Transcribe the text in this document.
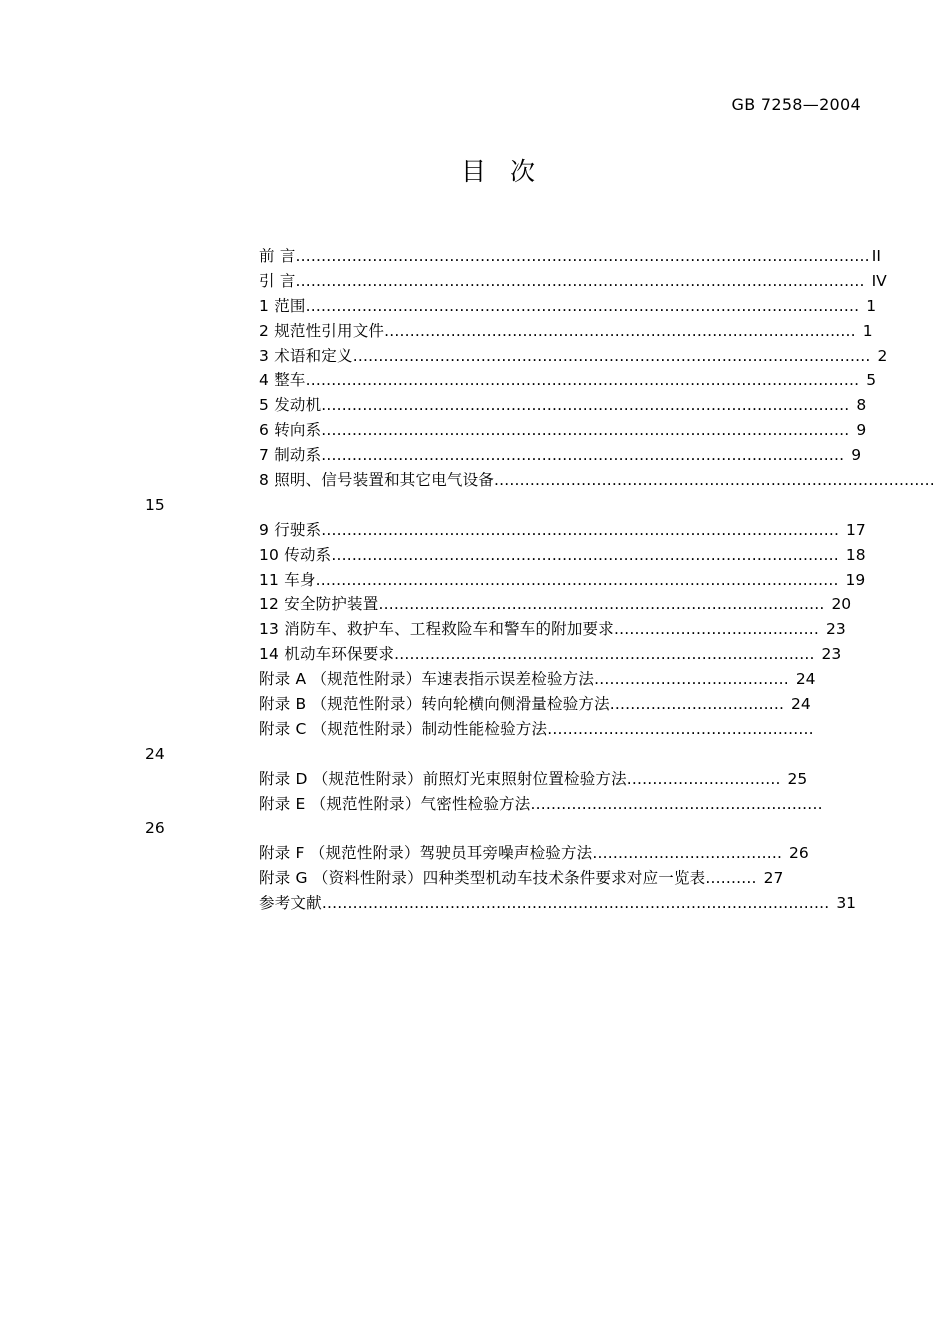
GB 7258—2004
目 次
前 言................................................................................................................ II
引 言............................................................................................................... IV
1 范围............................................................................................................ 1
2 规范性引用文件............................................................................................ 1
3 术语和定义..................................................................................................... 2
4 整车............................................................................................................ 5
5 发动机....................................................................................................... 8
6 转向系....................................................................................................... 9
7 制动系...................................................................................................... 9
8 照明、信号装置和其它电气设备......................................................................................
15
9 行驶系..................................................................................................... 17
10 传动系................................................................................................... 18
11 车身...................................................................................................... 19
12 安全防护装置....................................................................................... 20
13 消防车、救护车、工程救险车和警车的附加要求........................................ 23
14 机动车环保要求.................................................................................. 23
附录 A （规范性附录）车速表指示误差检验方法...................................... 24
附录 B （规范性附录）转向轮横向侧滑量检验方法.................................. 24
附录 C （规范性附录）制动性能检验方法....................................................
24
附录 D （规范性附录）前照灯光束照射位置检验方法.............................. 25
附录 E （规范性附录）气密性检验方法.........................................................
26
附录 F （规范性附录）驾驶员耳旁噪声检验方法..................................... 26
附录 G （资料性附录）四种类型机动车技术条件要求对应一览表.......... 27
参考文献................................................................................................... 31
